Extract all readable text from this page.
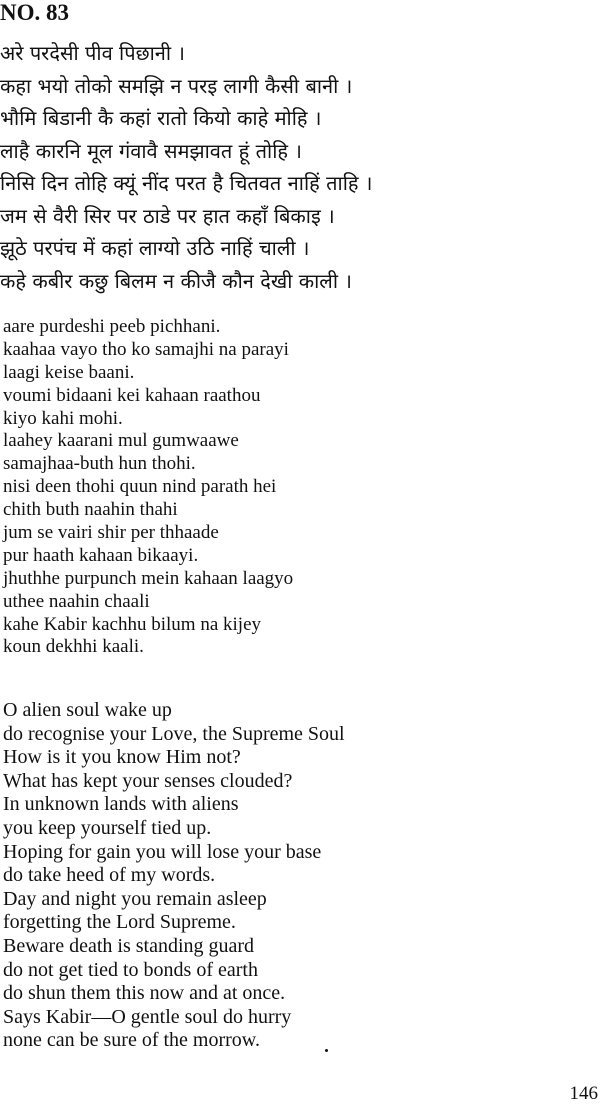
NO. 83
अरे परदेसी पीव पिछानी ।
कहा भयो तोको समझि न परइ लागी कैसी बानी ।
भौमि बिडानी कै कहां रातो कियो काहे मोहि ।
लाहै कारनि मूल गंवावै समझावत हूं तोहि ।
निसि दिन तोहि क्यूं नींद परत है चितवत नाहिं ताहि ।
जम से वैरी सिर पर ठाडे पर हात कहाँ बिकाइ ।
झूठे परपंच में कहां लाग्यो उठि नाहिं चाली ।
कहे कबीर कछु बिलम न कीजै कौन देखी काली ।
aare purdeshi peeb pichhani.
kaahaa vayo tho ko samajhi na parayi
laagi keise baani.
voumi bidaani kei kahaan raathou
kiyo kahi mohi.
laahey kaarani mul gumwaawe
samajhaa-buth hun thohi.
nisi deen thohi quun nind parath hei
chith buth naahin thahi
jum se vairi shir per thhaade
pur haath kahaan bikaayi.
jhuthhe purpunch mein kahaan laagyo
uthee naahin chaali
kahe Kabir kachhu bilum na kijey
koun dekhhi kaali.
O alien soul wake up
do recognise your Love, the Supreme Soul
How is it you know Him not?
What has kept your senses clouded?
In unknown lands with aliens
you keep yourself tied up.
Hoping for gain you will lose your base
do take heed of my words.
Day and night you remain asleep
forgetting the Lord Supreme.
Beware death is standing guard
do not get tied to bonds of earth
do shun them this now and at once.
Says Kabir—O gentle soul do hurry
none can be sure of the morrow.

146
